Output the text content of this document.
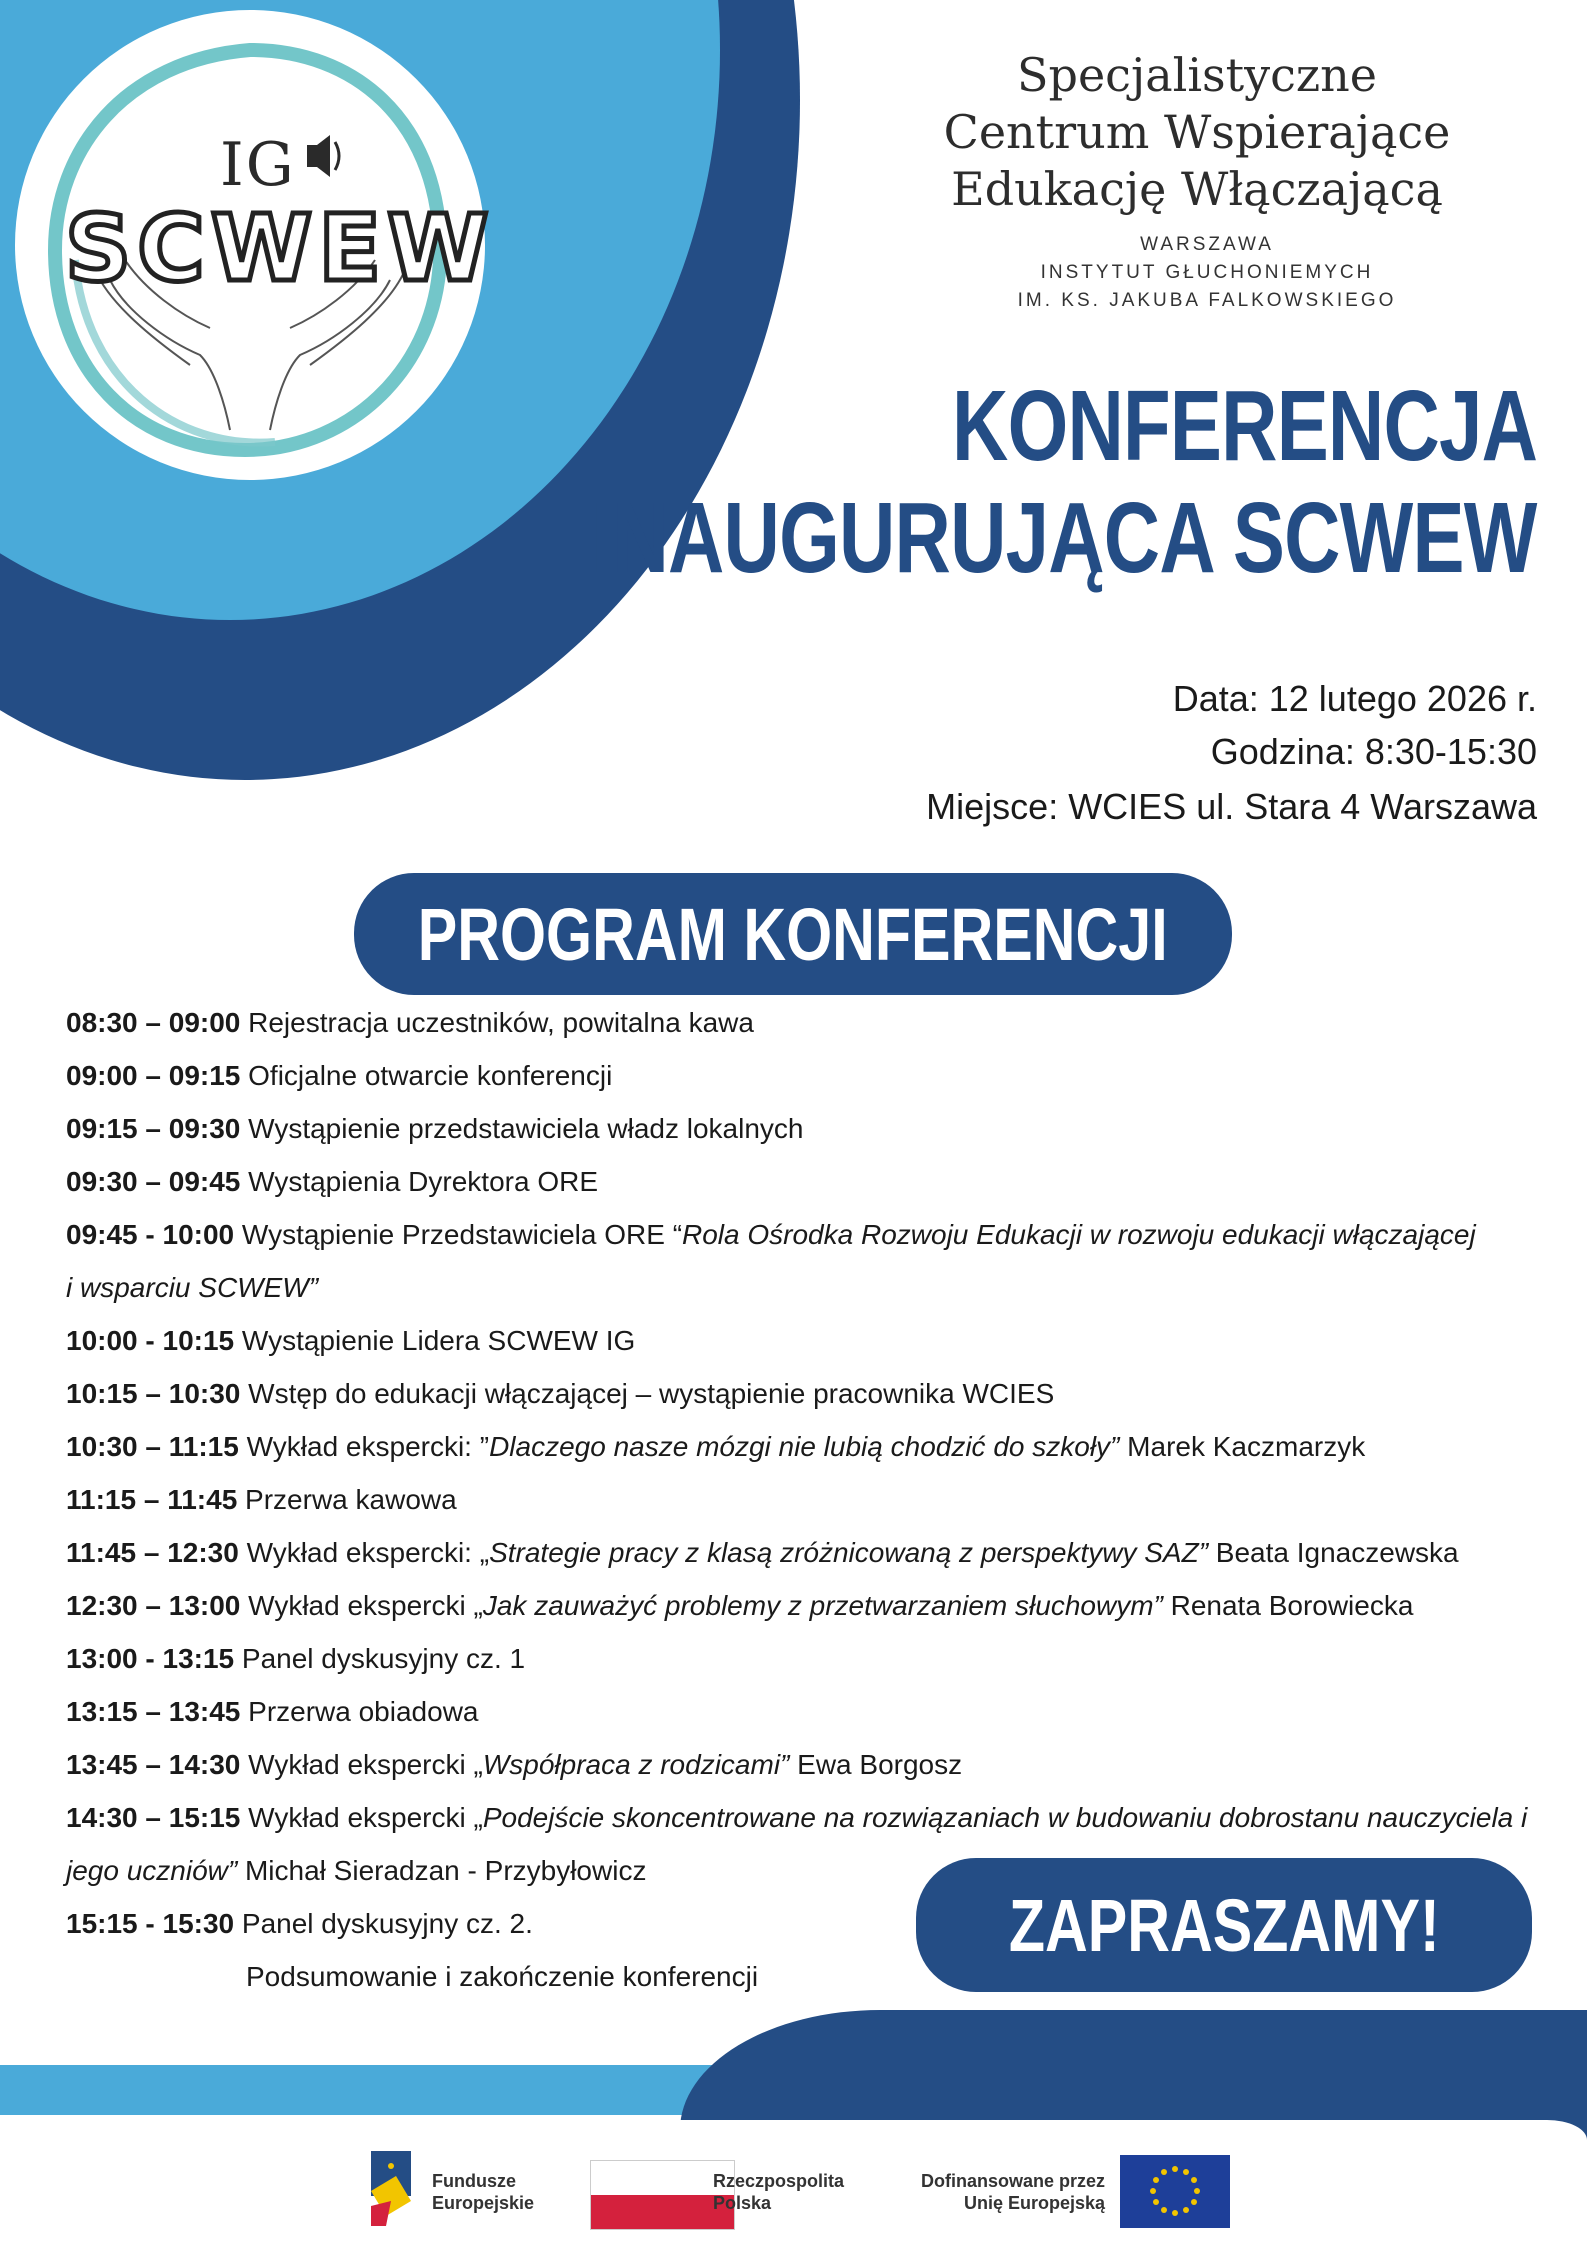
IG
SCWEW
Specjalistyczne
Centrum Wspierające
Edukację Włączającą
WARSZAWA
INSTYTUT GŁUCHONIEMYCH
IM. KS. JAKUBA FALKOWSKIEGO
KONFERENCJA
INAUGURUJĄCA SCWEW
Data: 12 lutego 2026 r.
Godzina: 8:30-15:30
Miejsce: WCIES ul. Stara 4 Warszawa
PROGRAM KONFERENCJI
08:30 – 09:00 Rejestracja uczestników, powitalna kawa
09:00 – 09:15 Oficjalne otwarcie konferencji
09:15 – 09:30 Wystąpienie przedstawiciela władz lokalnych
09:30 – 09:45 Wystąpienia Dyrektora ORE
09:45 - 10:00 Wystąpienie Przedstawiciela ORE “Rola Ośrodka Rozwoju Edukacji w rozwoju edukacji włączającej
i wsparciu SCWEW”
10:00 - 10:15 Wystąpienie Lidera SCWEW IG
10:15 – 10:30 Wstęp do edukacji włączającej – wystąpienie pracownika WCIES
10:30 – 11:15 Wykład ekspercki: ”Dlaczego nasze mózgi nie lubią chodzić do szkoły” Marek Kaczmarzyk
11:15 – 11:45 Przerwa kawowa
11:45 – 12:30 Wykład ekspercki: „Strategie pracy z klasą zróżnicowaną z perspektywy SAZ” Beata Ignaczewska
12:30 – 13:00 Wykład ekspercki „Jak zauważyć problemy z przetwarzaniem słuchowym” Renata Borowiecka
13:00 - 13:15 Panel dyskusyjny cz. 1
13:15 – 13:45 Przerwa obiadowa
13:45 – 14:30 Wykład ekspercki „Współpraca z rodzicami” Ewa Borgosz
14:30 – 15:15 Wykład ekspercki „Podejście skoncentrowane na rozwiązaniach w budowaniu dobrostanu nauczyciela i
jego uczniów” Michał Sieradzan - Przybyłowicz
15:15 - 15:30 Panel dyskusyjny cz. 2.
Podsumowanie i zakończenie konferencji
ZAPRASZAMY!
Fundusze
Europejskie
Rzeczpospolita
Polska
Dofinansowane przez
Unię Europejską
